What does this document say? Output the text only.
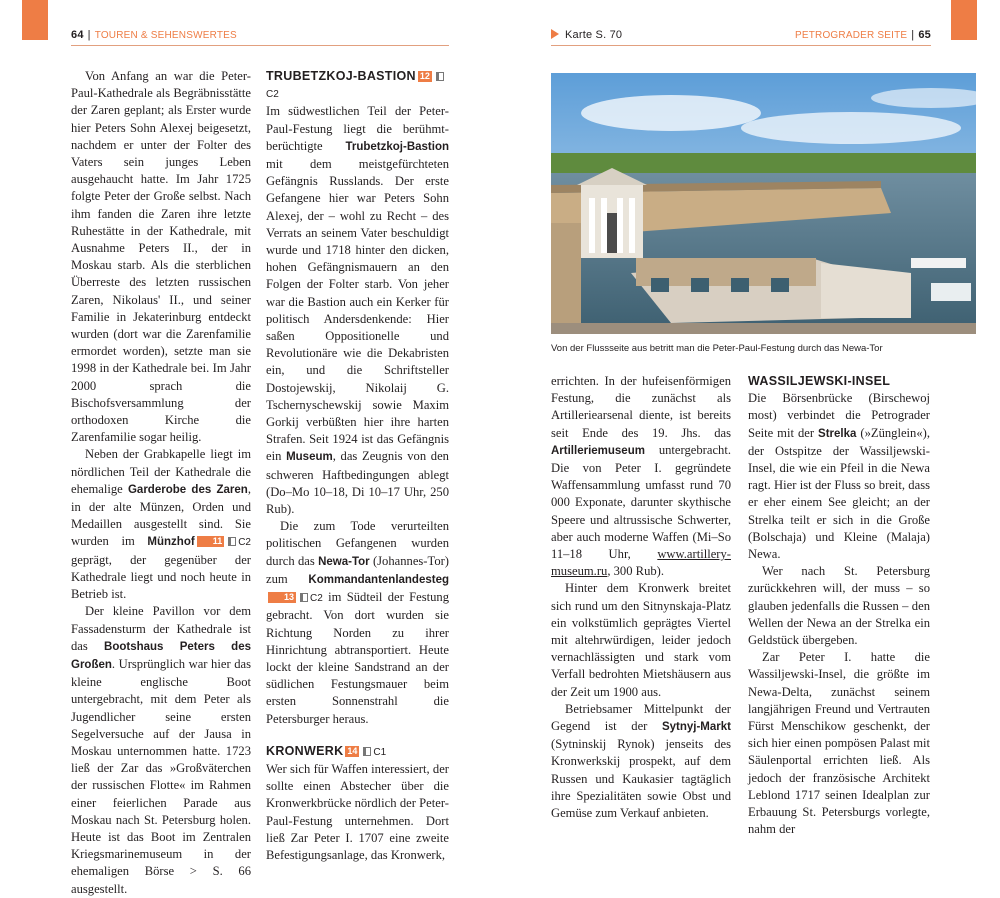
64 | TOUREN & SEHENSWERTES	Karte S. 70	PETROGRADER SEITE | 65

Von Anfang an war die Peter-Paul-Kathedrale als Begräbnisstätte der Zaren geplant; als Erster wurde hier Peters Sohn Alexej beigesetzt, nachdem er unter der Folter des Vaters sein junges Leben ausgehaucht hatte. Im Jahr 1725 folgte Peter der Große selbst. Nach ihm fanden die Zaren ihre letzte Ruhestätte in der Kathedrale, mit Ausnahme Peters II., der in Moskau starb. Als die sterblichen Überreste des letzten russischen Zaren, Nikolaus' II., und seiner Familie in Jekaterinburg entdeckt wurden (dort war die Zarenfamilie ermordet worden), setzte man sie 1998 in der Kathedrale bei. Im Jahr 2000 sprach die Bischofsversammlung der orthodoxen Kirche die Zarenfamilie sogar heilig.

Neben der Grabkapelle liegt im nördlichen Teil der Kathedrale die ehemalige Garderobe des Zaren, in der alte Münzen, Orden und Medaillen ausgestellt sind. Sie wurden im Münzhof 11 C2 geprägt, der gegenüber der Kathedrale liegt und noch heute in Betrieb ist.

Der kleine Pavillon vor dem Fassadensturm der Kathedrale ist das Bootshaus Peters des Großen. Ursprünglich war hier das kleine englische Boot untergebracht, mit dem Peter als Jugendlicher seine ersten Segelversuche auf der Jausa in Moskau unternommen hatte. 1723 ließ der Zar das »Großväterchen der russischen Flotte« im Rahmen einer feierlichen Parade aus Moskau nach St. Petersburg holen. Heute ist das Boot im Zentralen Kriegsmarinemuseum in der ehemaligen Börse > S. 66 ausgestellt.

TRUBETZKOJ-BASTION 12C2

Im südwestlichen Teil der Peter-Paul-Festung liegt die berühmt-berüchtigte Trubetzkoj-Bastion mit dem meistgefürchteten Gefängnis Russlands. Der erste Gefangene hier war Peters Sohn Alexej, der – wohl zu Recht – des Verrats an seinem Vater beschuldigt wurde und 1718 hinter den dicken, hohen Gefängnismauern an den Folgen der Folter starb. Von jeher war die Bastion auch ein Kerker für politisch Andersdenkende: Hier saßen Oppositionelle und Revolutionäre wie die Dekabristen ein, und die Schriftsteller Dostojewskij, Nikolaij G. Tschernyschewskij sowie Maxim Gorkij verbüßten hier ihre harten Strafen. Seit 1924 ist das Gefängnis ein Museum, das Zeugnis von den schweren Haftbedingungen ablegt (Do–Mo 10–18, Di 10–17 Uhr, 250 Rub).

Die zum Tode verurteilten politischen Gefangenen wurden durch das Newa-Tor (Johannes-Tor) zum Kommandantenlandesteg13 C2 im Südteil der Festung gebracht. Von dort wurden sie Richtung Norden zu ihrer Hinrichtung abtransportiert. Heute lockt der kleine Sandstrand an der südlichen Festungsmauer beim ersten Sonnenstrahl die Petersburger heraus.

KRONWERK 14 C1

Wer sich für Waffen interessiert, der sollte einen Abstecher über die Kronwerkbrücke nördlich der Peter-Paul-Festung unternehmen. Dort ließ Zar Peter I. 1707 eine zweite Befestigungsanlage, das Kronwerk,

Von der Flussseite aus betritt man die Peter-Paul-Festung durch das Newa-Tor

errichten. In der hufeisenförmigen Festung, die zunächst als Artilleriearsenal diente, ist bereits seit Ende des 19. Jhs. das Artilleriemuseum untergebracht. Die von Peter I. gegründete Waffensammlung umfasst rund 70 000 Exponate, darunter skythische Speere und altrussische Schwerter, aber auch moderne Waffen (Mi–So 11–18 Uhr, www.artillery-museum.ru, 300 Rub).

Hinter dem Kronwerk breitet sich rund um den Sitnynskaja-Platz ein volkstümlich geprägtes Viertel mit altehrwürdigen, leider jedoch vernachlässigten und stark vom Verfall bedrohten Mietshäusern aus der Zeit um 1900 aus.

Betriebsamer Mittelpunkt der Gegend ist der Sytnyj-Markt (Sytninskij Rynok) jenseits des Kronwerkskij prospekt, auf dem Russen und Kaukasier tagtäglich ihre Spezialitäten sowie Obst und Gemüse zum Verkauf anbieten.

WASSILJEWSKI-INSEL

Die Börsenbrücke (Birschewoj most) verbindet die Petrograder Seite mit der Strelka (»Zünglein«), der Ostspitze der Wassiljewski-Insel, die wie ein Pfeil in die Newa ragt. Hier ist der Fluss so breit, dass er eher einem See gleicht; an der Strelka teilt er sich in die Große (Bolschaja) und Kleine (Malaja) Newa.

Wer nach St. Petersburg zurückkehren will, der muss – so glauben jedenfalls die Russen – den Wellen der Newa an der Strelka ein Geldstück übergeben.

Zar Peter I. hatte die Wassiljewski-Insel, die größte im Newa-Delta, zunächst seinem langjährigen Freund und Vertrauten Fürst Menschikow geschenkt, der sich hier einen pompösen Palast mit Säulenportal errichten ließ. Als jedoch der französische Architekt Leblond 1717 seinen Idealplan zur Erbauung St. Petersburgs vorlegte, nahm der
